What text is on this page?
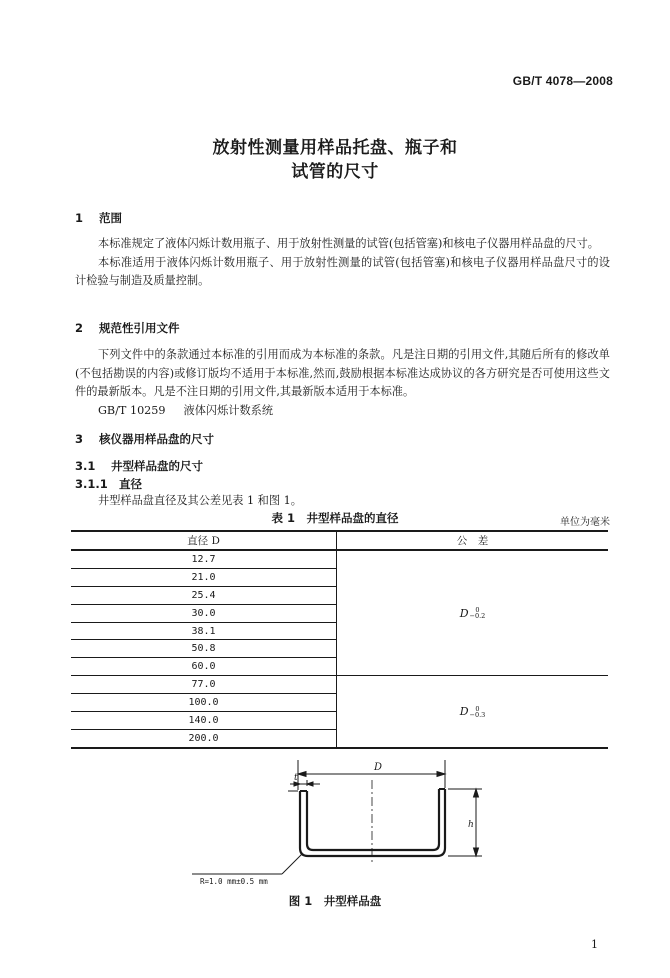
GB/T 4078—2008
放射性测量用样品托盘、瓶子和
试管的尺寸
1 范围

本标准规定了液体闪烁计数用瓶子、用于放射性测量的试管(包括管塞)和核电子仪器用样品盘的尺寸。

本标准适用于液体闪烁计数用瓶子、用于放射性测量的试管(包括管塞)和核电子仪器用样品盘尺寸的设计检验与制造及质量控制。

2 规范性引用文件

下列文件中的条款通过本标准的引用而成为本标准的条款。凡是注日期的引用文件,其随后所有的修改单(不包括勘误的内容)或修订版均不适用于本标准,然而,鼓励根据本标准达成协议的各方研究是否可使用这些文件的最新版本。凡是不注日期的引用文件,其最新版本适用于本标准。

GB/T 10259 液体闪烁计数系统
3 核仪器用样品盘的尺寸
3.1 井型样品盘的尺寸
3.1.1 直径

井型样品盘直径及其公差见表 1 和图 1。

表 1　井型样品盘的直径	单位为毫米
直径 D	公　差
12.7	D 0
−0.2

21.0	
25.4	
30.0	
38.1	
50.8	
60.0	
77.0	D 0
−0.3

100.0	
140.0	
200.0	
D
t
h
R=1.0 mm±0.5 mm
图 1　井型样品盘
1
